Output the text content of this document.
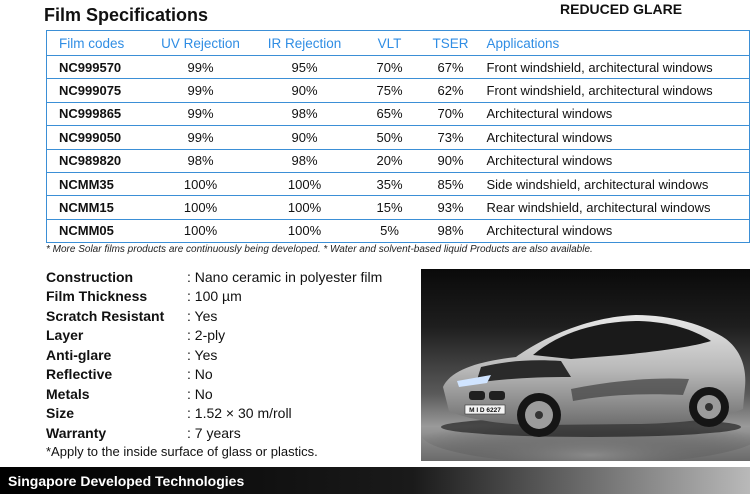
Film Specifications	REDUCED GLARE
Film codes	UV Rejection	IR Rejection	VLT	TSER	Applications
NC999570	99%	95%	70%	67%	Front windshield, architectural windows
NC999075	99%	90%	75%	62%	Front windshield, architectural windows
NC999865	99%	98%	65%	70%	Architectural windows
NC999050	99%	90%	50%	73%	Architectural windows
NC989820	98%	98%	20%	90%	Architectural windows
NCMM35	100%	100%	35%	85%	Side windshield, architectural windows
NCMM15	100%	100%	15%	93%	Rear windshield, architectural windows
NCMM05	100%	100%	5%	98%	Architectural windows
* More Solar films products are continuously being developed. * Water and solvent-based liquid Products are also available.
Construction	: Nano ceramic in polyester film
Film Thickness	: 100 µm
Scratch Resistant	: Yes
Layer	: 2-ply
Anti-glare	: Yes
Reflective	: No
Metals	: No
Size	: 1.52 × 30 m/roll
Warranty	: 7 years
*Apply to the inside surface of glass or plastics.
M I D 6227
Singapore Developed Technologies
